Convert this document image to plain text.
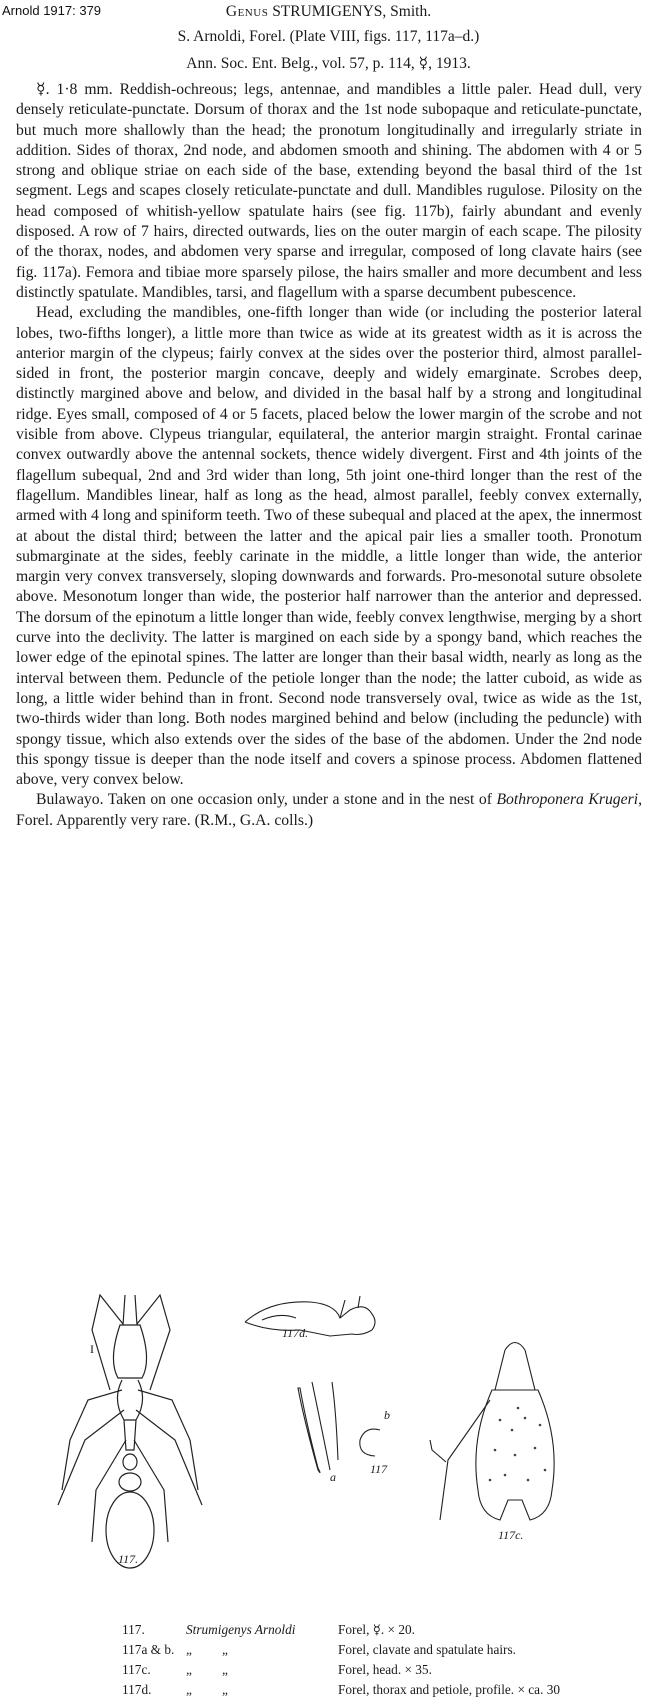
Arnold 1917: 379	Genus STRUMIGENYS, Smith.
S. Arnoldi, Forel. (Plate VIII, figs. 117, 117a–d.)
Ann. Soc. Ent. Belg., vol. 57, p. 114, ☿, 1913.

☿. 1·8 mm. Reddish-ochreous; legs, antennae, and mandibles a little paler. Head dull, very densely reticulate-punctate. Dorsum of thorax and the 1st node subopaque and reticulate-punctate, but much more shallowly than the head; the pronotum longitudinally and irregularly striate in addition. Sides of thorax, 2nd node, and abdomen smooth and shining. The abdomen with 4 or 5 strong and oblique striae on each side of the base, extending beyond the basal third of the 1st segment. Legs and scapes closely reticulate-punctate and dull. Mandibles rugulose. Pilosity on the head composed of whitish-yellow spatulate hairs (see fig. 117b), fairly abundant and evenly disposed. A row of 7 hairs, directed outwards, lies on the outer margin of each scape. The pilosity of the thorax, nodes, and abdomen very sparse and irregular, composed of long clavate hairs (see fig. 117a). Femora and tibiae more sparsely pilose, the hairs smaller and more decumbent and less distinctly spatulate. Mandibles, tarsi, and flagellum with a sparse decumbent pubescence.

Head, excluding the mandibles, one-fifth longer than wide (or including the posterior lateral lobes, two-fifths longer), a little more than twice as wide at its greatest width as it is across the anterior margin of the clypeus; fairly convex at the sides over the posterior third, almost parallel-sided in front, the posterior margin concave, deeply and widely emarginate. Scrobes deep, distinctly margined above and below, and divided in the basal half by a strong and longitudinal ridge. Eyes small, composed of 4 or 5 facets, placed below the lower margin of the scrobe and not visible from above. Clypeus triangular, equilateral, the anterior margin straight. Frontal carinae convex outwardly above the antennal sockets, thence widely divergent. First and 4th joints of the flagellum subequal, 2nd and 3rd wider than long, 5th joint one-third longer than the rest of the flagellum. Mandibles linear, half as long as the head, almost parallel, feebly convex externally, armed with 4 long and spiniform teeth. Two of these subequal and placed at the apex, the innermost at about the distal third; between the latter and the apical pair lies a smaller tooth. Pronotum submarginate at the sides, feebly carinate in the middle, a little longer than wide, the anterior margin very convex transversely, sloping downwards and forwards. Pro-mesonotal suture obsolete above. Mesonotum longer than wide, the posterior half narrower than the anterior and depressed. The dorsum of the epinotum a little longer than wide, feebly convex lengthwise, merging by a short curve into the declivity. The latter is margined on each side by a spongy band, which reaches the lower edge of the epinotal spines. The latter are longer than their basal width, nearly as long as the interval between them. Peduncle of the petiole longer than the node; the latter cuboid, as wide as long, a little wider behind than in front. Second node transversely oval, twice as wide as the 1st, two-thirds wider than long. Both nodes margined behind and below (including the peduncle) with spongy tissue, which also extends over the sides of the base of the abdomen. Under the 2nd node this spongy tissue is deeper than the node itself and covers a spinose process. Abdomen flattened above, very convex below.

Bulawayo. Taken on one occasion only, under a stone and in the nest of Bothroponera Krugeri, Forel. Apparently very rare. (R.M., G.A. colls.)

117.
117d.
a
b
117
117c.
I
117.	Strumigenys Arnoldi	Forel, ☿. × 20.
117a & b. „	„	Forel, clavate and spatulate hairs.
117c.	„	„	Forel, head. × 35.
117d.	„	„	Forel, thorax and petiole, profile. × ca. 30
